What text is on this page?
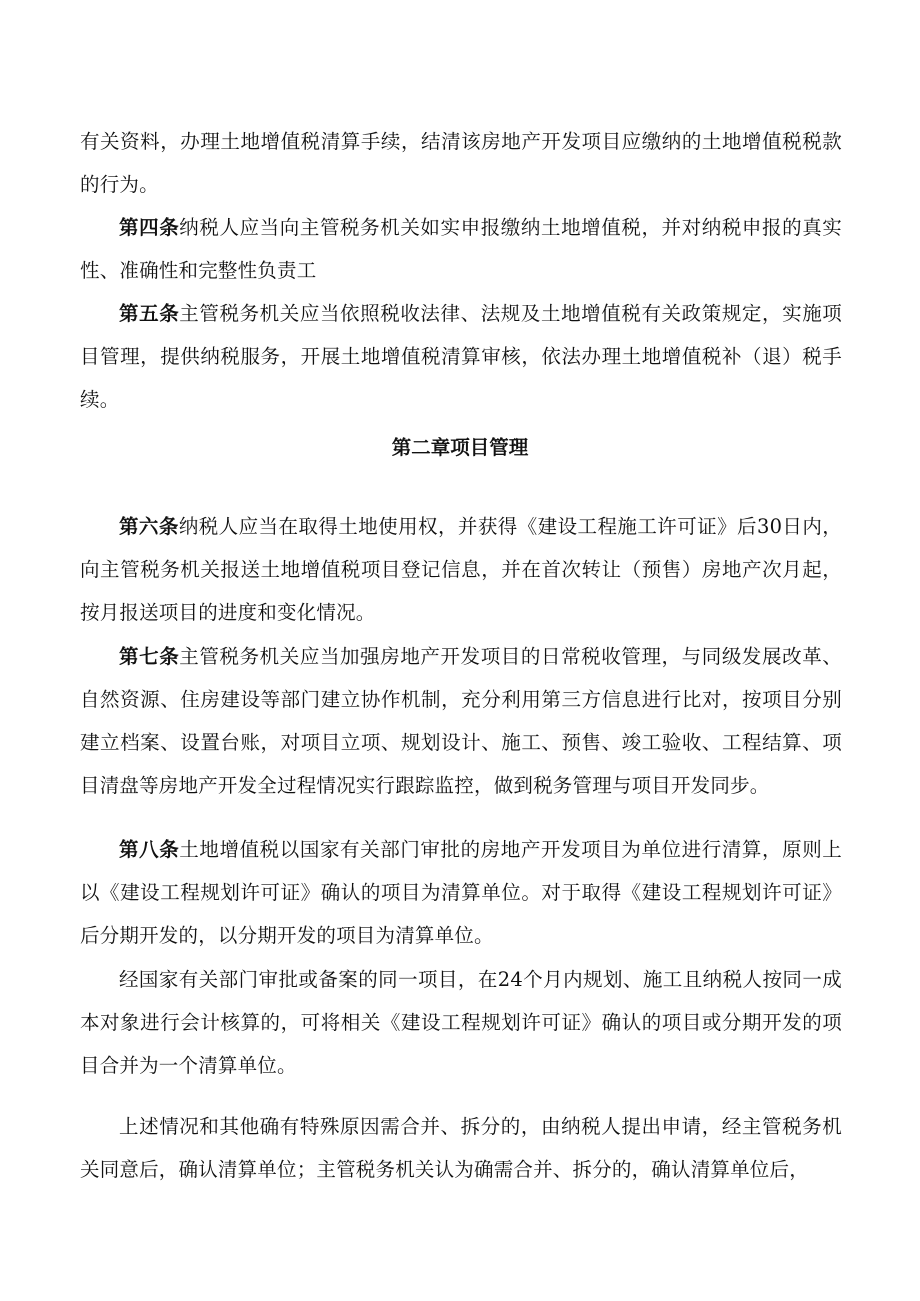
有关资料，办理土地增值税清算手续，结清该房地产开发项目应缴纳的土地增值税税款的行为。

第四条纳税人应当向主管税务机关如实申报缴纳土地增值税，并对纳税申报的真实性、准确性和完整性负责工

第五条主管税务机关应当依照税收法律、法规及土地增值税有关政策规定，实施项目管理，提供纳税服务，开展土地增值税清算审核，依法办理土地增值税补（退）税手续。

第二章项目管理

第六条纳税人应当在取得土地使用权，并获得《建设工程施工许可证》后30日内，向主管税务机关报送土地增值税项目登记信息，并在首次转让（预售）房地产次月起，按月报送项目的进度和变化情况。

第七条主管税务机关应当加强房地产开发项目的日常税收管理，与同级发展改革、自然资源、住房建设等部门建立协作机制，充分利用第三方信息进行比对，按项目分别建立档案、设置台账，对项目立项、规划设计、施工、预售、竣工验收、工程结算、项目清盘等房地产开发全过程情况实行跟踪监控，做到税务管理与项目开发同步。

第八条土地增值税以国家有关部门审批的房地产开发项目为单位进行清算，原则上以《建设工程规划许可证》确认的项目为清算单位。对于取得《建设工程规划许可证》后分期开发的，以分期开发的项目为清算单位。

经国家有关部门审批或备案的同一项目，在24个月内规划、施工且纳税人按同一成本对象进行会计核算的，可将相关《建设工程规划许可证》确认的项目或分期开发的项目合并为一个清算单位。

上述情况和其他确有特殊原因需合并、拆分的，由纳税人提出申请，经主管税务机关同意后，确认清算单位；主管税务机关认为确需合并、拆分的，确认清算单位后，
